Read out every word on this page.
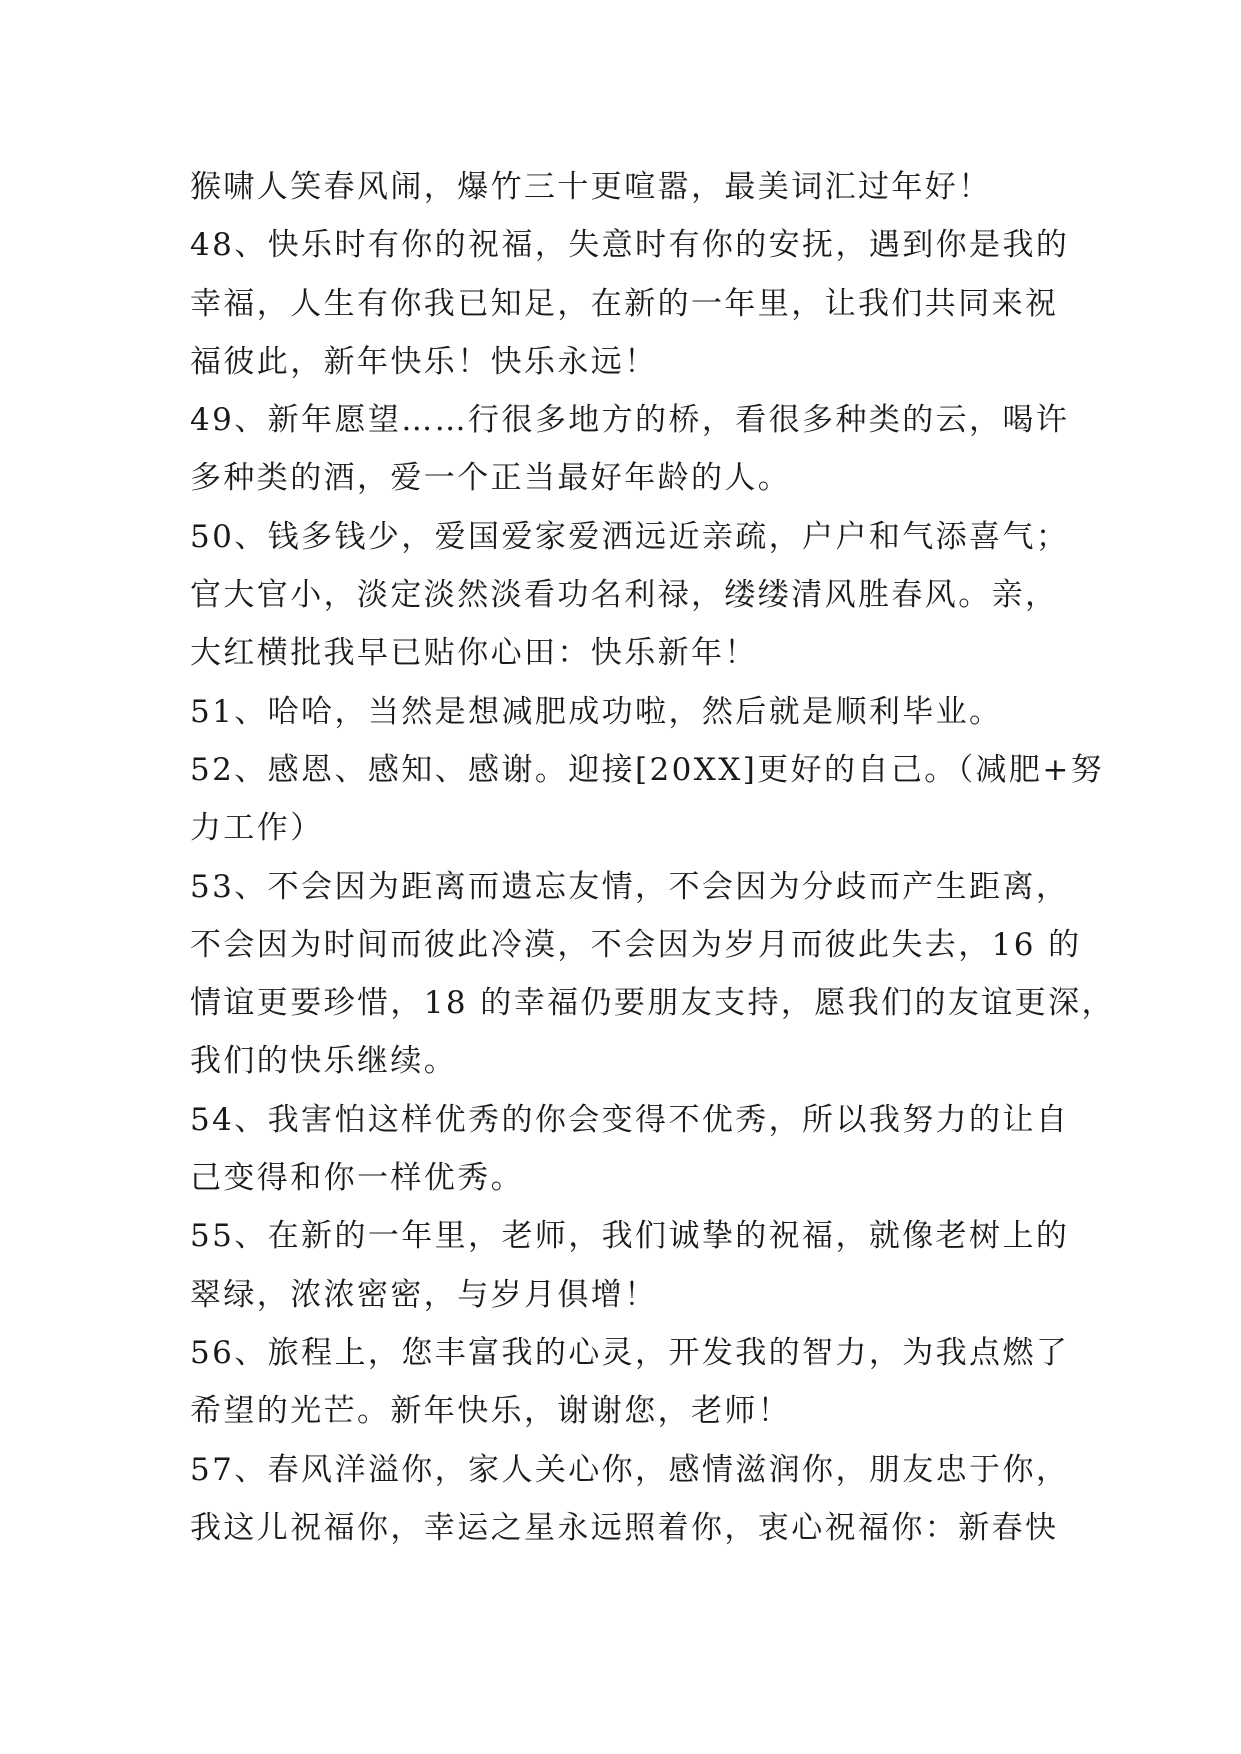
猴啸人笑春风闹，爆竹三十更喧嚣，最美词汇过年好！
48、快乐时有你的祝福，失意时有你的安抚，遇到你是我的
幸福，人生有你我已知足，在新的一年里，让我们共同来祝
福彼此，新年快乐！快乐永远！
49、新年愿望……行很多地方的桥，看很多种类的云，喝许
多种类的酒，爱一个正当最好年龄的人。
50、钱多钱少，爱国爱家爱洒远近亲疏，户户和气添喜气；
官大官小，淡定淡然淡看功名利禄，缕缕清风胜春风。亲，
大红横批我早已贴你心田：快乐新年！
51、哈哈，当然是想减肥成功啦，然后就是顺利毕业。
52、感恩、感知、感谢。迎接[20XX]更好的自己。（减肥+努
力工作）
53、不会因为距离而遗忘友情，不会因为分歧而产生距离，
不会因为时间而彼此冷漠，不会因为岁月而彼此失去，16 的
情谊更要珍惜，18 的幸福仍要朋友支持，愿我们的友谊更深，
我们的快乐继续。
54、我害怕这样优秀的你会变得不优秀，所以我努力的让自
己变得和你一样优秀。
55、在新的一年里，老师，我们诚挚的祝福，就像老树上的
翠绿，浓浓密密，与岁月俱增！
56、旅程上，您丰富我的心灵，开发我的智力，为我点燃了
希望的光芒。新年快乐，谢谢您，老师！
57、春风洋溢你，家人关心你，感情滋润你，朋友忠于你，
我这儿祝福你，幸运之星永远照着你，衷心祝福你：新春快
